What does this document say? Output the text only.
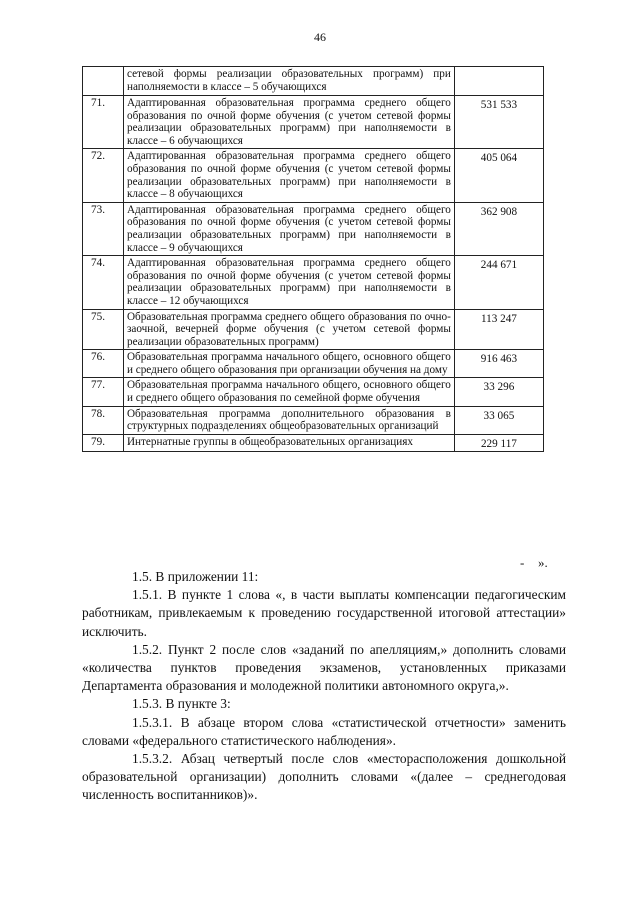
46
	сетевой формы реализации образовательных программ) при наполняемости в классе – 5 обучающихся	
71.	Адаптированная образовательная программа среднего общего образования по очной форме обучения (с учетом сетевой формы реализации образовательных программ) при наполняемости в классе – 6 обучающихся	531 533
72.	Адаптированная образовательная программа среднего общего образования по очной форме обучения (с учетом сетевой формы реализации образовательных программ) при наполняемости в классе – 8 обучающихся	405 064
73.	Адаптированная образовательная программа среднего общего образования по очной форме обучения (с учетом сетевой формы реализации образовательных программ) при наполняемости в классе – 9 обучающихся	362 908
74.	Адаптированная образовательная программа среднего общего образования по очной форме обучения (с учетом сетевой формы реализации образовательных программ) при наполняемости в классе – 12 обучающихся	244 671
75.	Образовательная программа среднего общего образования по очно-заочной, вечерней форме обучения (с учетом сетевой формы реализации образовательных программ)	113 247
76.	Образовательная программа начального общего, основного общего и среднего общего образования при организации обучения на дому	916 463
77.	Образовательная программа начального общего, основного общего и среднего общего образования по семейной форме обучения	33 296
78.	Образовательная программа дополнительного образования в структурных подразделениях общеобразовательных организаций	33 065
79.	Интернатные группы в общеобразовательных организациях	229 117
- ».

1.5. В приложении 11:

1.5.1. В пункте 1 слова «, в части выплаты компенсации педагогическим работникам, привлекаемым к проведению государственной итоговой аттестации» исключить.

1.5.2. Пункт 2 после слов «заданий по апелляциям,» дополнить словами «количества пунктов проведения экзаменов, установленных приказами Департамента образования и молодежной политики автономного округа,».

1.5.3. В пункте 3:

1.5.3.1. В абзаце втором слова «статистической отчетности» заменить словами «федерального статистического наблюдения».

1.5.3.2. Абзац четвертый после слов «месторасположения дошкольной образовательной организации) дополнить словами «(далее – среднегодовая численность воспитанников)».
